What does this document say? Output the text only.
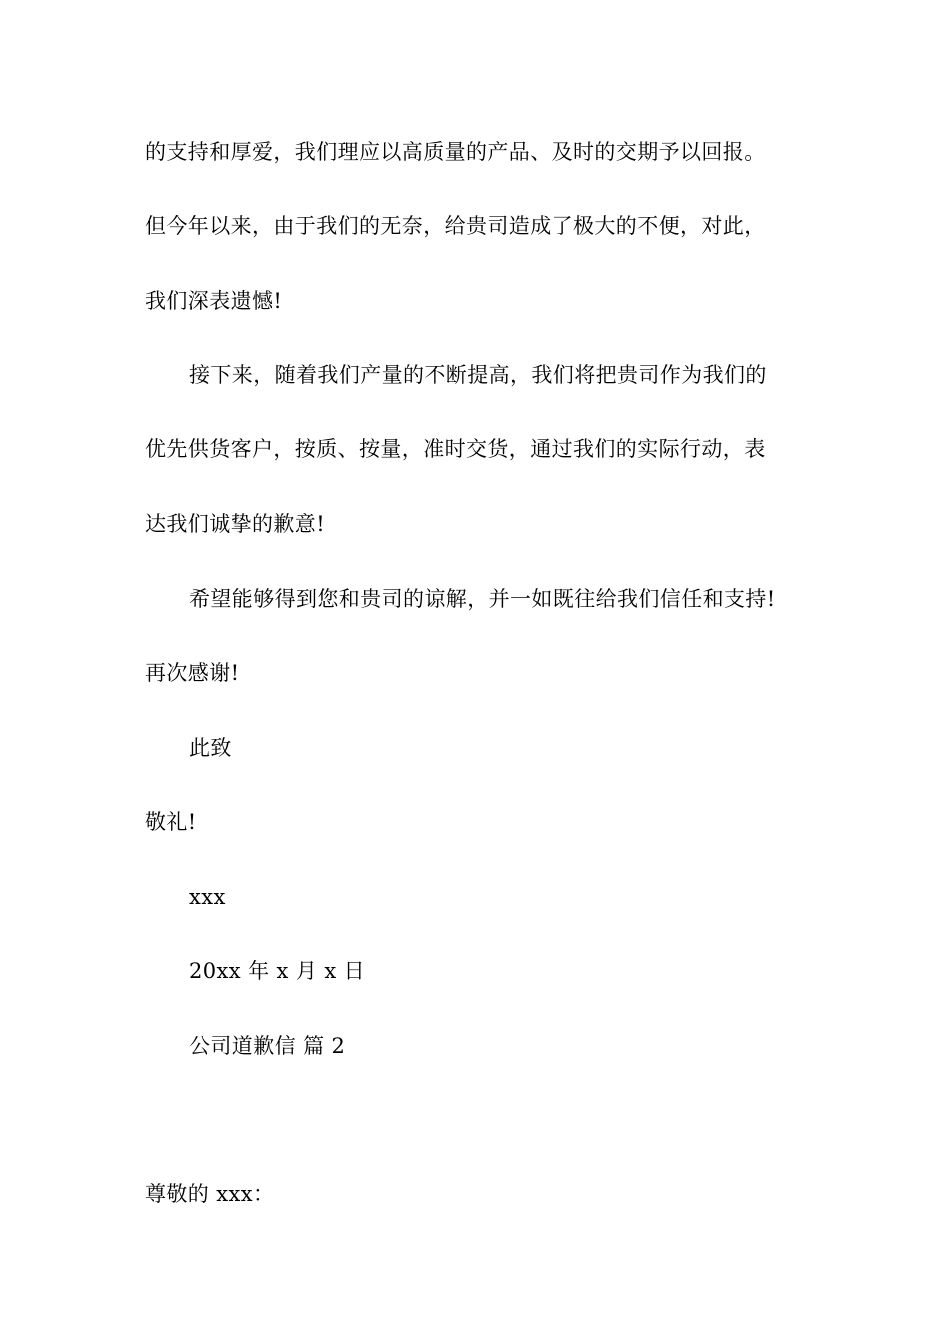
的支持和厚爱，我们理应以高质量的产品、及时的交期予以回报。
但今年以来，由于我们的无奈，给贵司造成了极大的不便，对此，
我们深表遗憾!
接下来，随着我们产量的不断提高，我们将把贵司作为我们的
优先供货客户，按质、按量，准时交货，通过我们的实际行动，表
达我们诚挚的歉意!
希望能够得到您和贵司的谅解，并一如既往给我们信任和支持!
再次感谢!
此致
敬礼!
xxx
20xx 年 x 月 x 日
公司道歉信 篇 2
尊敬的 xxx：
